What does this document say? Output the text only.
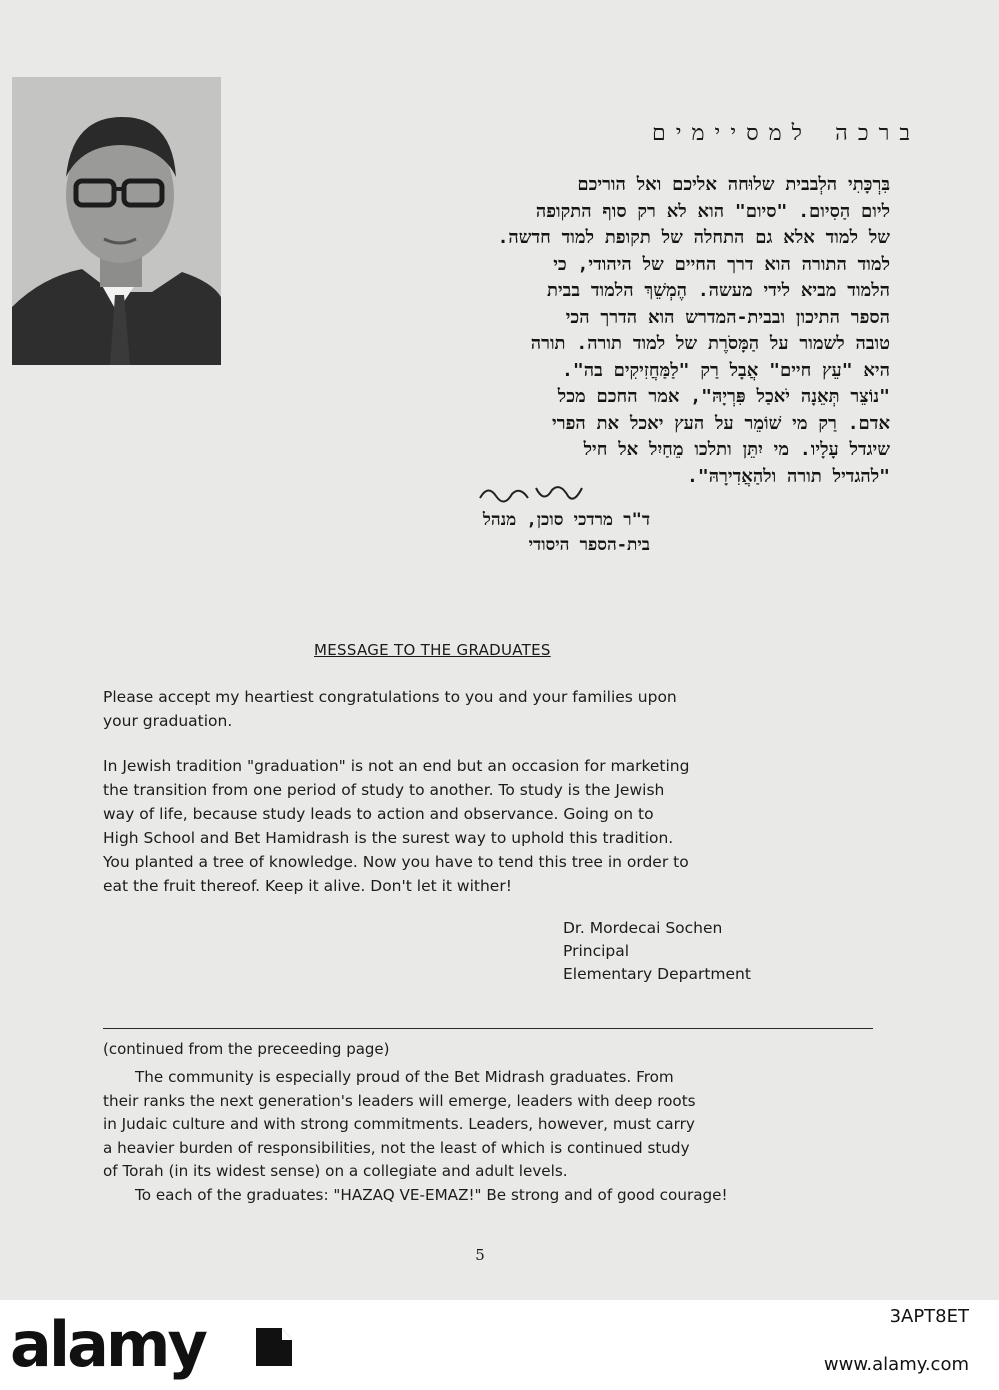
ברכה למסיימים
בִּרְכָּתִי הלְבבית שלוּחה אליכם ואל הוריכם
ליום הַסִיום. "סיום" הוא לא רק סוף התקופה
של למוד אלא גם התחלה של תקופת למוד חדשה.
למוד התורה הוא דרך החיים של היהודי, כי
הלמוד מביא לידי מעשה. הֶמְשֵׁךְ הלמוד בבית
הספר התיכון ובבית-המדרש הוא הדרך הכי
טובה לשמור על הַמָּסֹרֶת של למוד תורה. תורה
היא "עֵץ חיים" אֲבָל רַק "לַמַּחֲזִיקִים בה".
"נוֹצֵר תְּאֵנָה יֹאכַל פִּרְיָהּ", אמר החכם מכל
אדם. רַק מי שׁוֹמֵר על העץ יאכל את הפרי
שיגדל עָלָיו. מי יִתֵּן ותלכו מֵחַיִל אל חיל
"להגדיל תורה ולהַאֲדִירָהּ".
ד"ר מרדכי סוכן, מנהל
בית-הספר היסודי
MESSAGE TO THE GRADUATES
Please accept my heartiest congratulations to you and your families upon
your graduation.
In Jewish tradition "graduation" is not an end but an occasion for marketing
the transition from one period of study to another. To study is the Jewish
way of life, because study leads to action and observance. Going on to
High School and Bet Hamidrash is the surest way to uphold this tradition.
You planted a tree of knowledge. Now you have to tend this tree in order to
eat the fruit thereof. Keep it alive. Don't let it wither!
Dr. Mordecai Sochen
Principal
Elementary Department
(continued from the preceeding page)
The community is especially proud of the Bet Midrash graduates. From
their ranks the next generation's leaders will emerge, leaders with deep roots
in Judaic culture and with strong commitments. Leaders, however, must carry
a heavier burden of responsibilities, not the least of which is continued study
of Torah (in its widest sense) on a collegiate and adult levels.
To each of the graduates: "HAZAQ VE-EMAZ!" Be strong and of good courage!
5
alamy	3APT8ET
www.alamy.com
